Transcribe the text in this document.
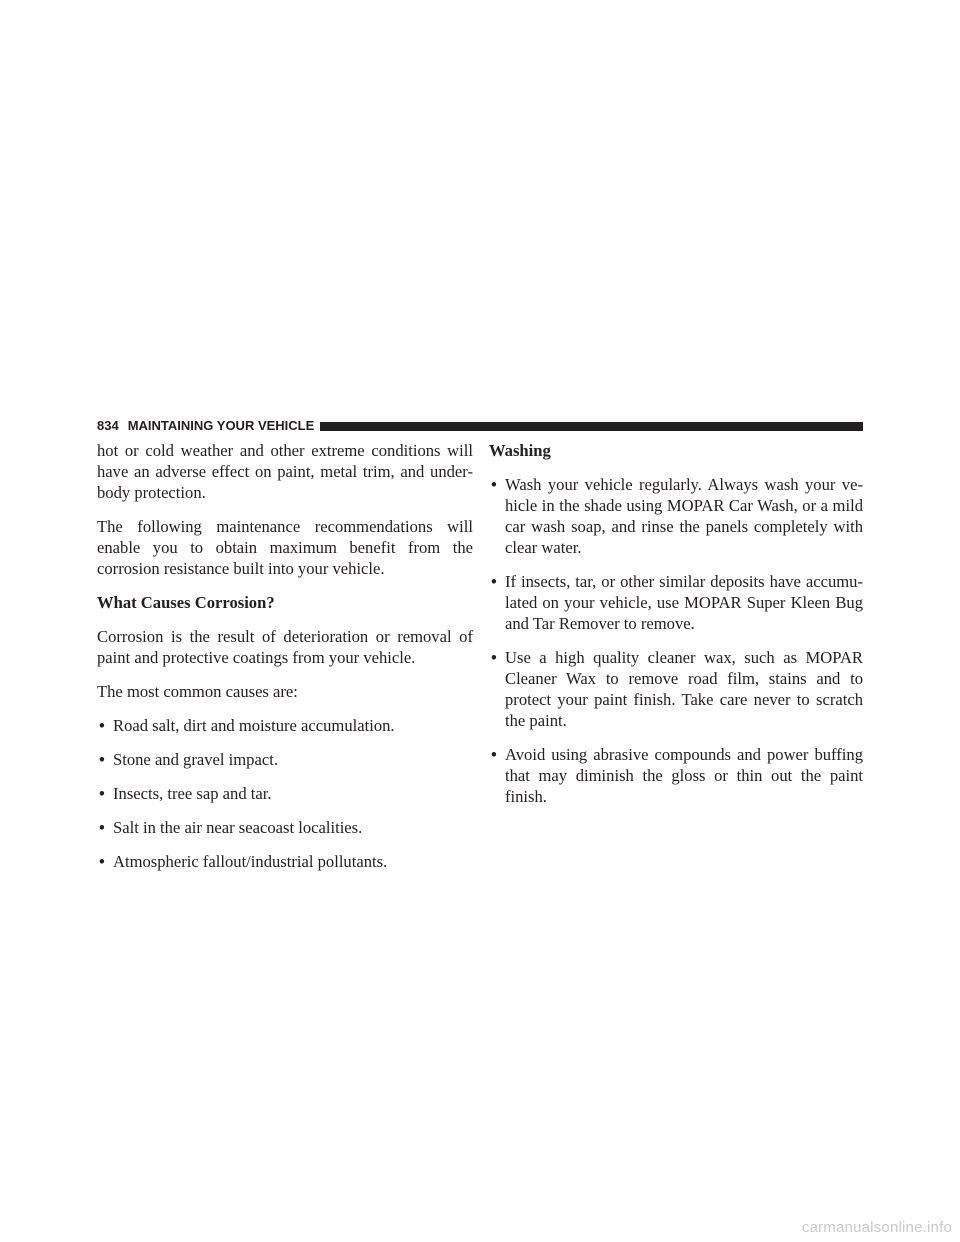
834 MAINTAINING YOUR VEHICLE

hot or cold weather and other extreme conditions will have an adverse effect on paint, metal trim, and under-body protection.

The following maintenance recommendations will enable you to obtain maximum benefit from the corrosion resistance built into your vehicle.

What Causes Corrosion?

Corrosion is the result of deterioration or removal of paint and protective coatings from your vehicle.

The most common causes are:

• Road salt, dirt and moisture accumulation.
• Stone and gravel impact.
• Insects, tree sap and tar.
• Salt in the air near seacoast localities.
• Atmospheric fallout/industrial pollutants.
Washing
• Wash your vehicle regularly. Always wash your ve-hicle in the shade using MOPAR Car Wash, or a mild car wash soap, and rinse the panels completely with clear water.
• If insects, tar, or other similar deposits have accumu-lated on your vehicle, use MOPAR Super Kleen Bug and Tar Remover to remove.
• Use a high quality cleaner wax, such as MOPAR Cleaner Wax to remove road film, stains and to protect your paint finish. Take care never to scratch the paint.
• Avoid using abrasive compounds and power buffing that may diminish the gloss or thin out the paint finish.
carmanualsonline.info
